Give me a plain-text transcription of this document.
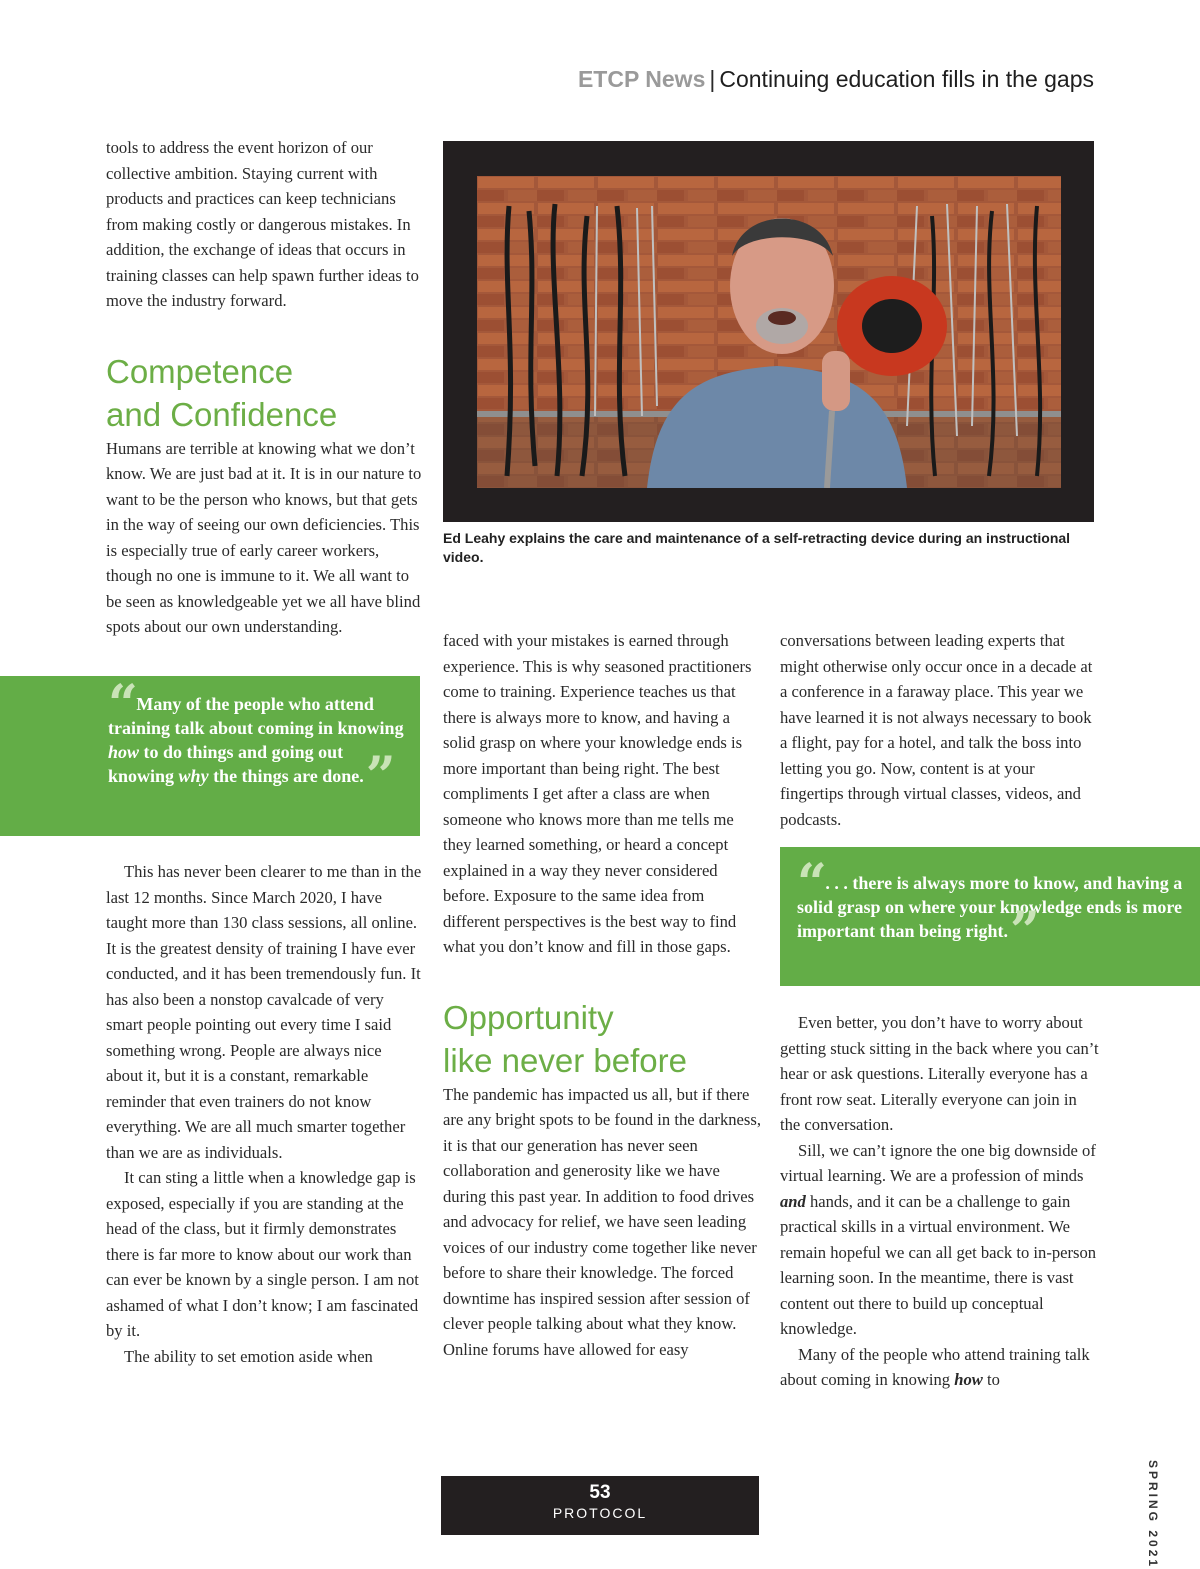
ETCP News | Continuing education fills in the gaps

tools to address the event horizon of our collective ambition. Staying current with products and practices can keep technicians from making costly or dangerous mistakes. In addition, the exchange of ideas that occurs in training classes can help spawn further ideas to move the industry forward.

Competence
and Confidence

Humans are terrible at knowing what we don’t know. We are just bad at it. It is in our nature to want to be the person who knows, but that gets in the way of seeing our own deficiencies. This is especially true of early career workers, though no one is immune to it. We all want to be seen as knowledgeable yet we all have blind spots about our own understanding.

“ Many of the people who attend training talk about coming in knowing how to do things and going out knowing why the things are done.”

This has never been clearer to me than in the last 12 months. Since March 2020, I have taught more than 130 class sessions, all online. It is the greatest density of training I have ever conducted, and it has been tremendously fun. It has also been a nonstop cavalcade of very smart people pointing out every time I said something wrong. People are always nice about it, but it is a constant, remarkable reminder that even trainers do not know everything. We are all much smarter together than we are as individuals.

It can sting a little when a knowledge gap is exposed, especially if you are standing at the head of the class, but it firmly demonstrates there is far more to know about our work than can ever be known by a single person. I am not ashamed of what I don’t know; I am fascinated by it.

The ability to set emotion aside when

Ed Leahy explains the care and maintenance of a self-retracting device during an instructional video.

faced with your mistakes is earned through experience. This is why seasoned practitioners come to training. Experience teaches us that there is always more to know, and having a solid grasp on where your knowledge ends is more important than being right. The best compliments I get after a class are when someone who knows more than me tells me they learned something, or heard a concept explained in a way they never considered before. Exposure to the same idea from different perspectives is the best way to find what you don’t know and fill in those gaps.

Opportunity
like never before

The pandemic has impacted us all, but if there are any bright spots to be found in the darkness, it is that our generation has never seen collaboration and generosity like we have during this past year. In addition to food drives and advocacy for relief, we have seen leading voices of our industry come together like never before to share their knowledge. The forced downtime has inspired session after session of clever people talking about what they know. Online forums have allowed for easy

conversations between leading experts that might otherwise only occur once in a decade at a conference in a faraway place. This year we have learned it is not always necessary to book a flight, pay for a hotel, and talk the boss into letting you go. Now, content is at your fingertips through virtual classes, videos, and podcasts.

“ . . . there is always more to know, and having a solid grasp on where your knowledge ends is more important than being right.”

Even better, you don’t have to worry about getting stuck sitting in the back where you can’t hear or ask questions. Literally everyone has a front row seat. Literally everyone can join in the conversation.

Sill, we can’t ignore the one big downside of virtual learning. We are a profession of minds and hands, and it can be a challenge to gain practical skills in a virtual environment. We remain hopeful we can all get back to in-person learning soon. In the meantime, there is vast content out there to build up conceptual knowledge.

Many of the people who attend training talk about coming in knowing how to

53
PROTOCOL	SPRING 2021
